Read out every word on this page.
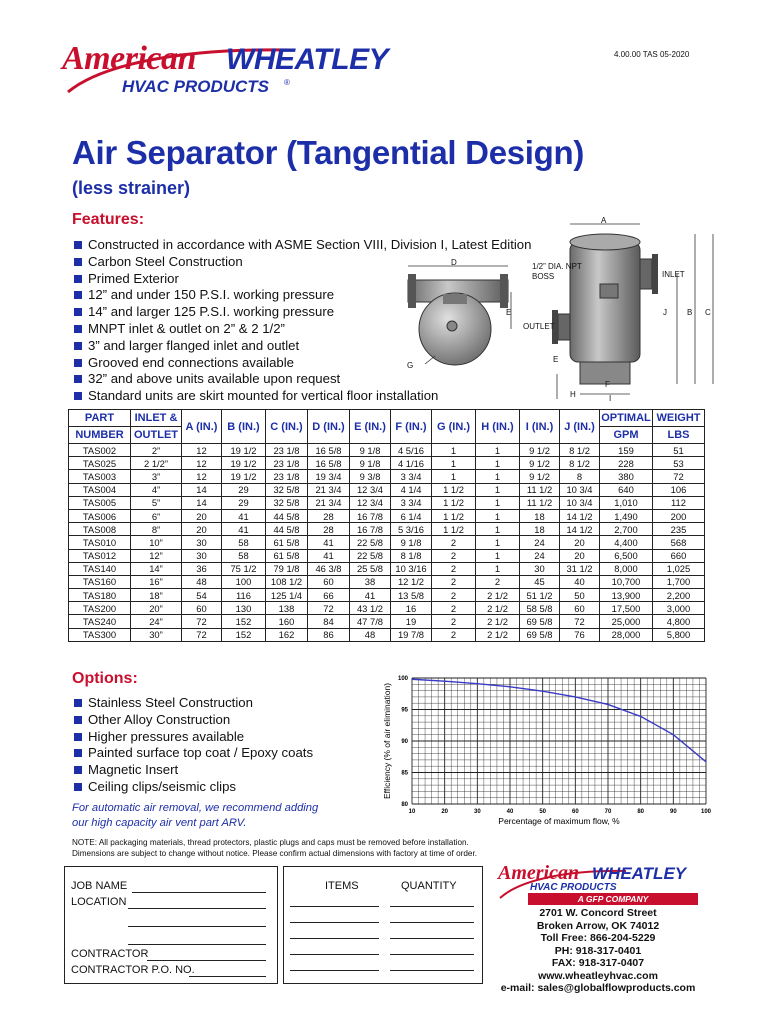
American WHEATLEY
HVAC PRODUCTS ®
4.00.00 TAS 05-2020
Air Separator (Tangential Design)
(less strainer)
Features:
Constructed in accordance with ASME Section VIII, Division I, Latest Edition
Carbon Steel Construction
Primed Exterior
12” and under 150 P.S.I. working pressure
14” and larger 125 P.S.I. working pressure
MNPT inlet & outlet on 2” & 2 1/2”
3” and larger flanged inlet and outlet
Grooved end connections available
32” and above units available upon request
Standard units are skirt mounted for vertical floor installation
A
D	1/2” DIA. NPT BOSS	INLET
E	J	B C
OUTLET
E
G
F
H	I
PART	INLET &	A (IN.)	B (IN.)	C (IN.)	D (IN.)	E (IN.)	F (IN.)	G (IN.)	H (IN.)	I (IN.)	J (IN.)	OPTIMAL	WEIGHT
NUMBER	OUTLET											GPM	LBS
TAS002	2”	12	19 1/2	23 1/8	16 5/8	9 1/8	4 5/16	1	1	9 1/2	8 1/2	159	51
TAS025	2 1/2”	12	19 1/2	23 1/8	16 5/8	9 1/8	4 1/16	1	1	9 1/2	8 1/2	228	53
TAS003	3”	12	19 1/2	23 1/8	19 3/4	9 3/8	3 3/4	1	1	9 1/2	8	380	72
TAS004	4”	14	29	32 5/8	21 3/4	12 3/4	4 1/4	1 1/2	1	11 1/2	10 3/4	640	106
TAS005	5”	14	29	32 5/8	21 3/4	12 3/4	3 3/4	1 1/2	1	11 1/2	10 3/4	1,010	112
TAS006	6”	20	41	44 5/8	28	16 7/8	6 1/4	1 1/2	1	18	14 1/2	1,490	200
TAS008	8”	20	41	44 5/8	28	16 7/8	5 3/16	1 1/2	1	18	14 1/2	2,700	235
TAS010	10”	30	58	61 5/8	41	22 5/8	9 1/8	2	1	24	20	4,400	568
TAS012	12”	30	58	61 5/8	41	22 5/8	8 1/8	2	1	24	20	6,500	660
TAS140	14”	36	75 1/2	79 1/8	46 3/8	25 5/8	10 3/16	2	1	30	31 1/2	8,000	1,025
TAS160	16”	48	100	108 1/2	60	38	12 1/2	2	2	45	40	10,700	1,700
TAS180	18”	54	116	125 1/4	66	41	13 5/8	2	2 1/2	51 1/2	50	13,900	2,200
TAS200	20”	60	130	138	72	43 1/2	16	2	2 1/2	58 5/8	60	17,500	3,000
TAS240	24”	72	152	160	84	47 7/8	19	2	2 1/2	69 5/8	72	25,000	4,800
TAS300	30”	72	152	162	86	48	19 7/8	2	2 1/2	69 5/8	76	28,000	5,800
Options:
Stainless Steel Construction
Other Alloy Construction
Higher pressures available
Painted surface top coat / Epoxy coats
Magnetic Insert
Ceiling clips/seismic clips
For automatic air removal, we recommend adding
our high capacity air vent part ARV.
10	20	30	40	50	60	70	80	90	100
80
85
90
95
100
Percentage of maximum flow, %
Efficiency (% of air elimination)
NOTE: All packaging materials, thread protectors, plastic plugs and caps must be removed before installation.
Dimensions are subject to change without notice. Please confirm actual dimensions with factory at time of order.
JOB NAME
LOCATION
CONTRACTOR
CONTRACTOR P.O. NO.
ITEMS	QUANTITY
American WHEATLEY
HVAC PRODUCTS
A GFP COMPANY
2701 W. Concord Street
Broken Arrow, OK 74012
Toll Free: 866-204-5229
PH: 918-317-0401
FAX: 918-317-0407
www.wheatleyhvac.com
e-mail: sales@globalflowproducts.com
